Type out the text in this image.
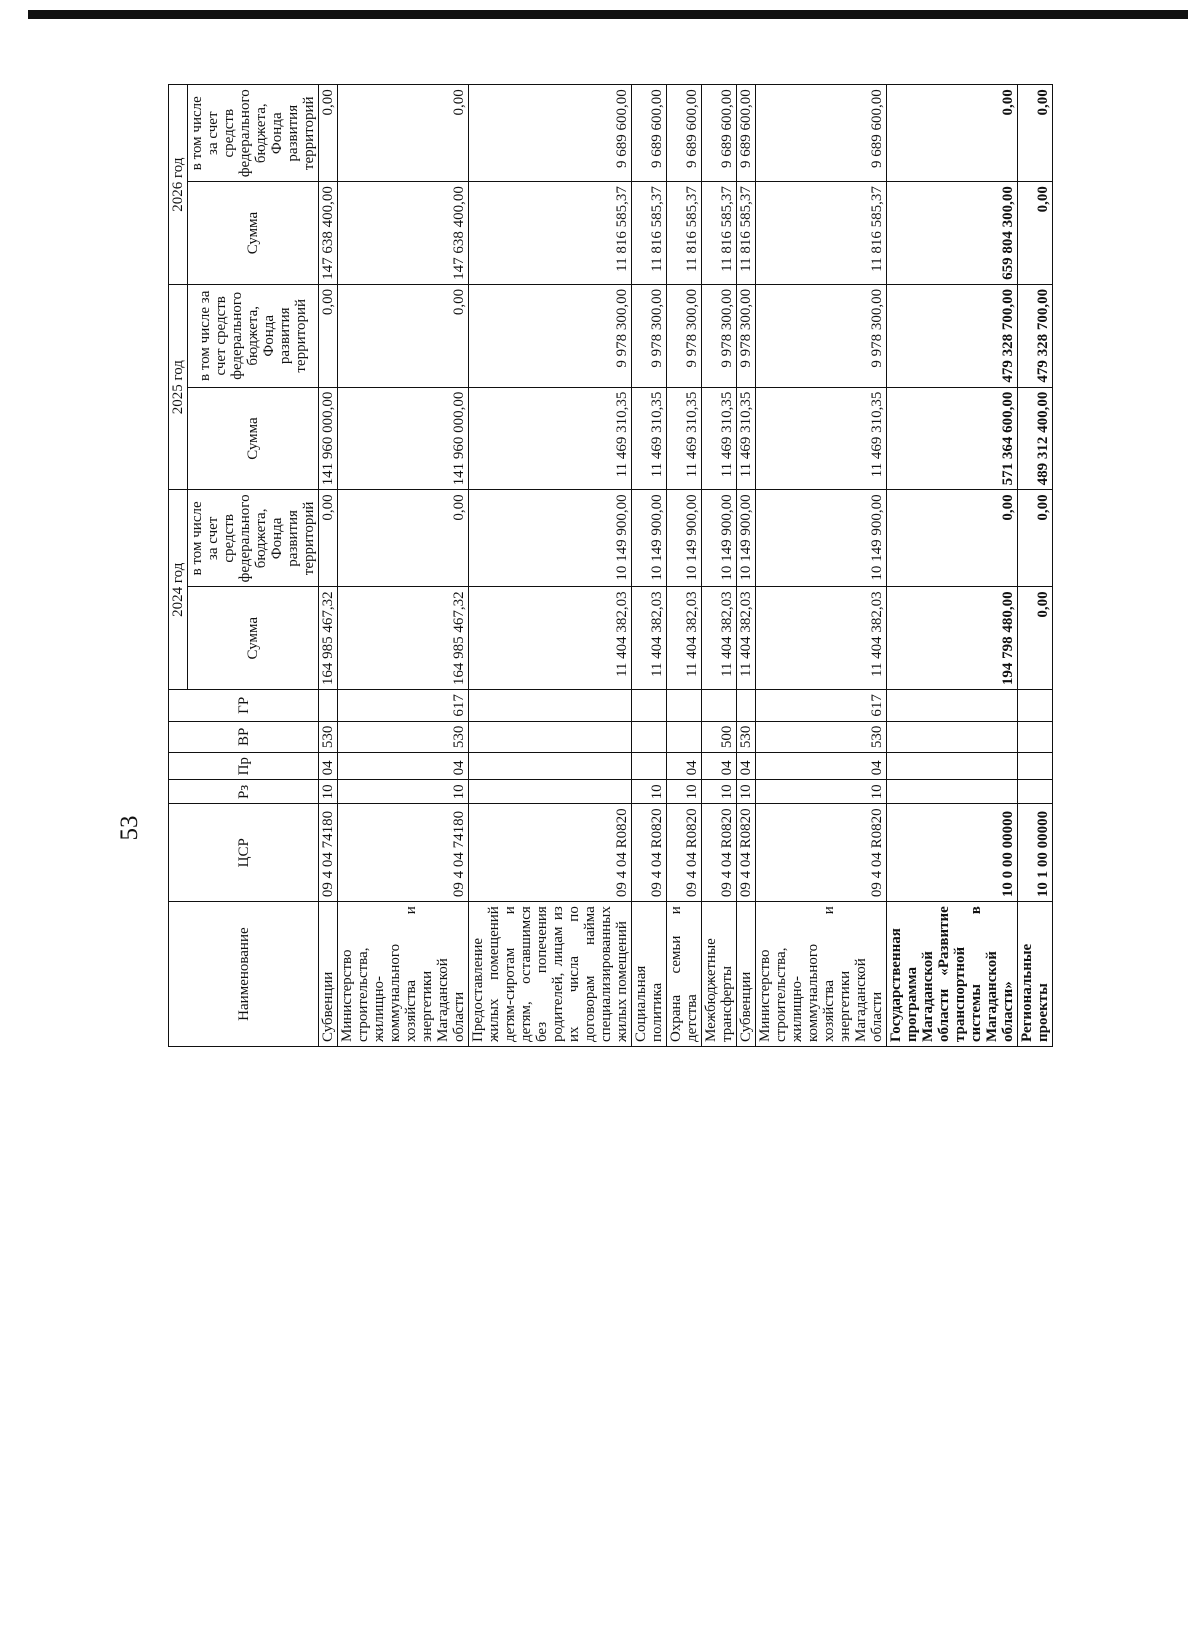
53
Наименование	ЦСР	Рз	Пр	ВР	ГР	2024 год		2025 год		2026 год	
						Сумма	в том числе за счет средств федерального бюджета, Фонда развития территорий	Сумма	в том числе за счет средств федерального бюджета, Фонда развития территорий	Сумма	в том числе за счет средств федерального бюджета, Фонда развития территорий
Субвенции	09 4 04 74180	10	04	530		164 985 467,32	0,00	141 960 000,00	0,00	147 638 400,00	0,00
Министерство строительства, жилищно-коммунального хозяйства и энергетики Магаданской области	09 4 04 74180	10	04	530	617	164 985 467,32	0,00	141 960 000,00	0,00	147 638 400,00	0,00
Предоставление жилых помещений детям-сиротам и детям, оставшимся без попечения родителей, лицам из их числа по договорам найма специализированных жилых помещений	09 4 04 R0820					11 404 382,03	10 149 900,00	11 469 310,35	9 978 300,00	11 816 585,37	9 689 600,00
Социальная политика	09 4 04 R0820	10				11 404 382,03	10 149 900,00	11 469 310,35	9 978 300,00	11 816 585,37	9 689 600,00
Охрана семьи и детства	09 4 04 R0820	10	04			11 404 382,03	10 149 900,00	11 469 310,35	9 978 300,00	11 816 585,37	9 689 600,00
Межбюджетные трансферты	09 4 04 R0820	10	04	500		11 404 382,03	10 149 900,00	11 469 310,35	9 978 300,00	11 816 585,37	9 689 600,00
Субвенции	09 4 04 R0820	10	04	530		11 404 382,03	10 149 900,00	11 469 310,35	9 978 300,00	11 816 585,37	9 689 600,00
Министерство строительства, жилищно-коммунального хозяйства и энергетики Магаданской области	09 4 04 R0820	10	04	530	617	11 404 382,03	10 149 900,00	11 469 310,35	9 978 300,00	11 816 585,37	9 689 600,00
Государственная программа Магаданской области «Развитие транспортной системы в Магаданской области»	10 0 00 00000					194 798 480,00	0,00	571 364 600,00	479 328 700,00	659 804 300,00	0,00
Региональные проекты	10 1 00 00000					0,00	0,00	489 312 400,00	479 328 700,00	0,00	0,00
